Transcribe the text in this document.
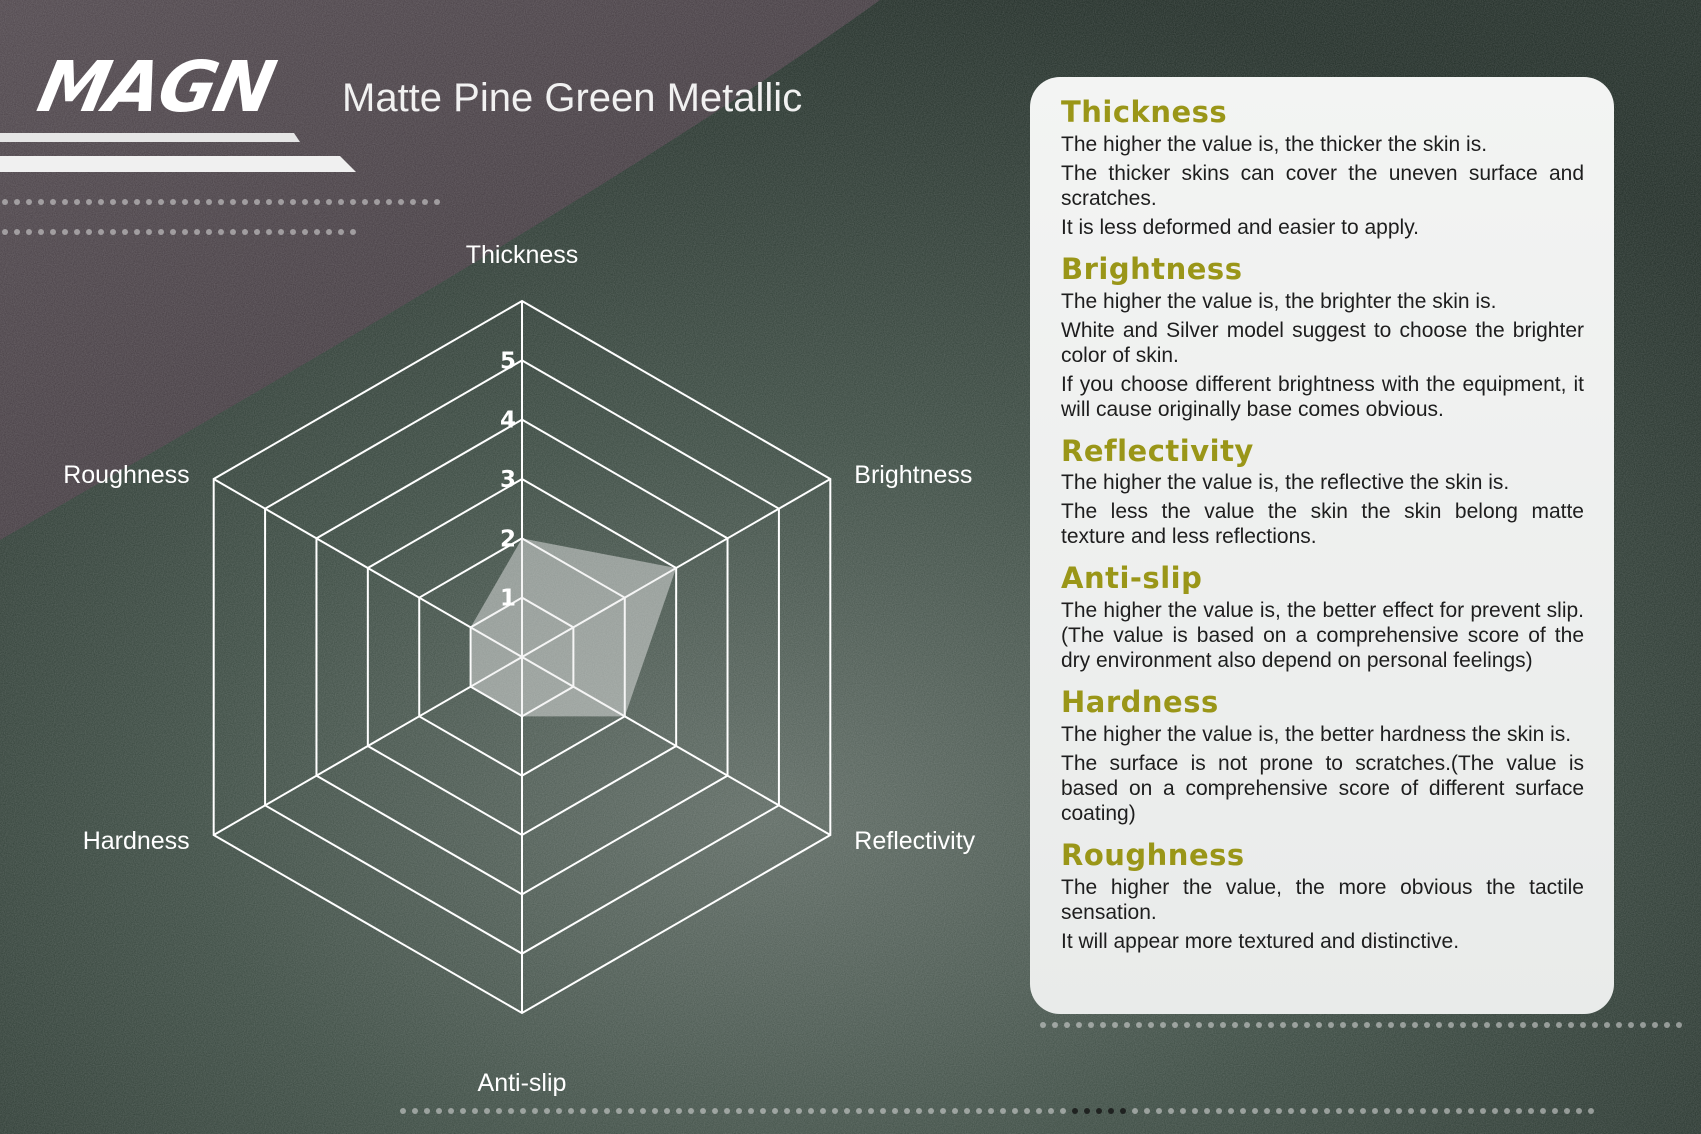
MAGN Matte Pine Green Metallic
1
2
3
4
5
Thickness
Brightness
Reflectivity
Anti-slip
Hardness
Roughness
Thickness

The higher the value is, the thicker the skin is.

The thicker skins can cover the uneven surface and scratches.

It is less deformed and easier to apply.

Brightness

The higher the value is, the brighter the skin is.

White and Silver model suggest to choose the brighter color of skin.

If you choose different brightness with the equipment, it will cause originally base comes obvious.

Reflectivity

The higher the value is, the reflective the skin is.

The less the value the skin the skin belong matte texture and less reflections.

Anti-slip

The higher the value is, the better effect for prevent slip.(The value is based on a comprehensive score of the dry environment also depend on personal feelings)

Hardness

The higher the value is, the better hardness the skin is.

The surface is not prone to scratches.(The value is based on a comprehensive score of different surface coating)

Roughness

The higher the value, the more obvious the tactile sensation.

It will appear more textured and distinctive.
